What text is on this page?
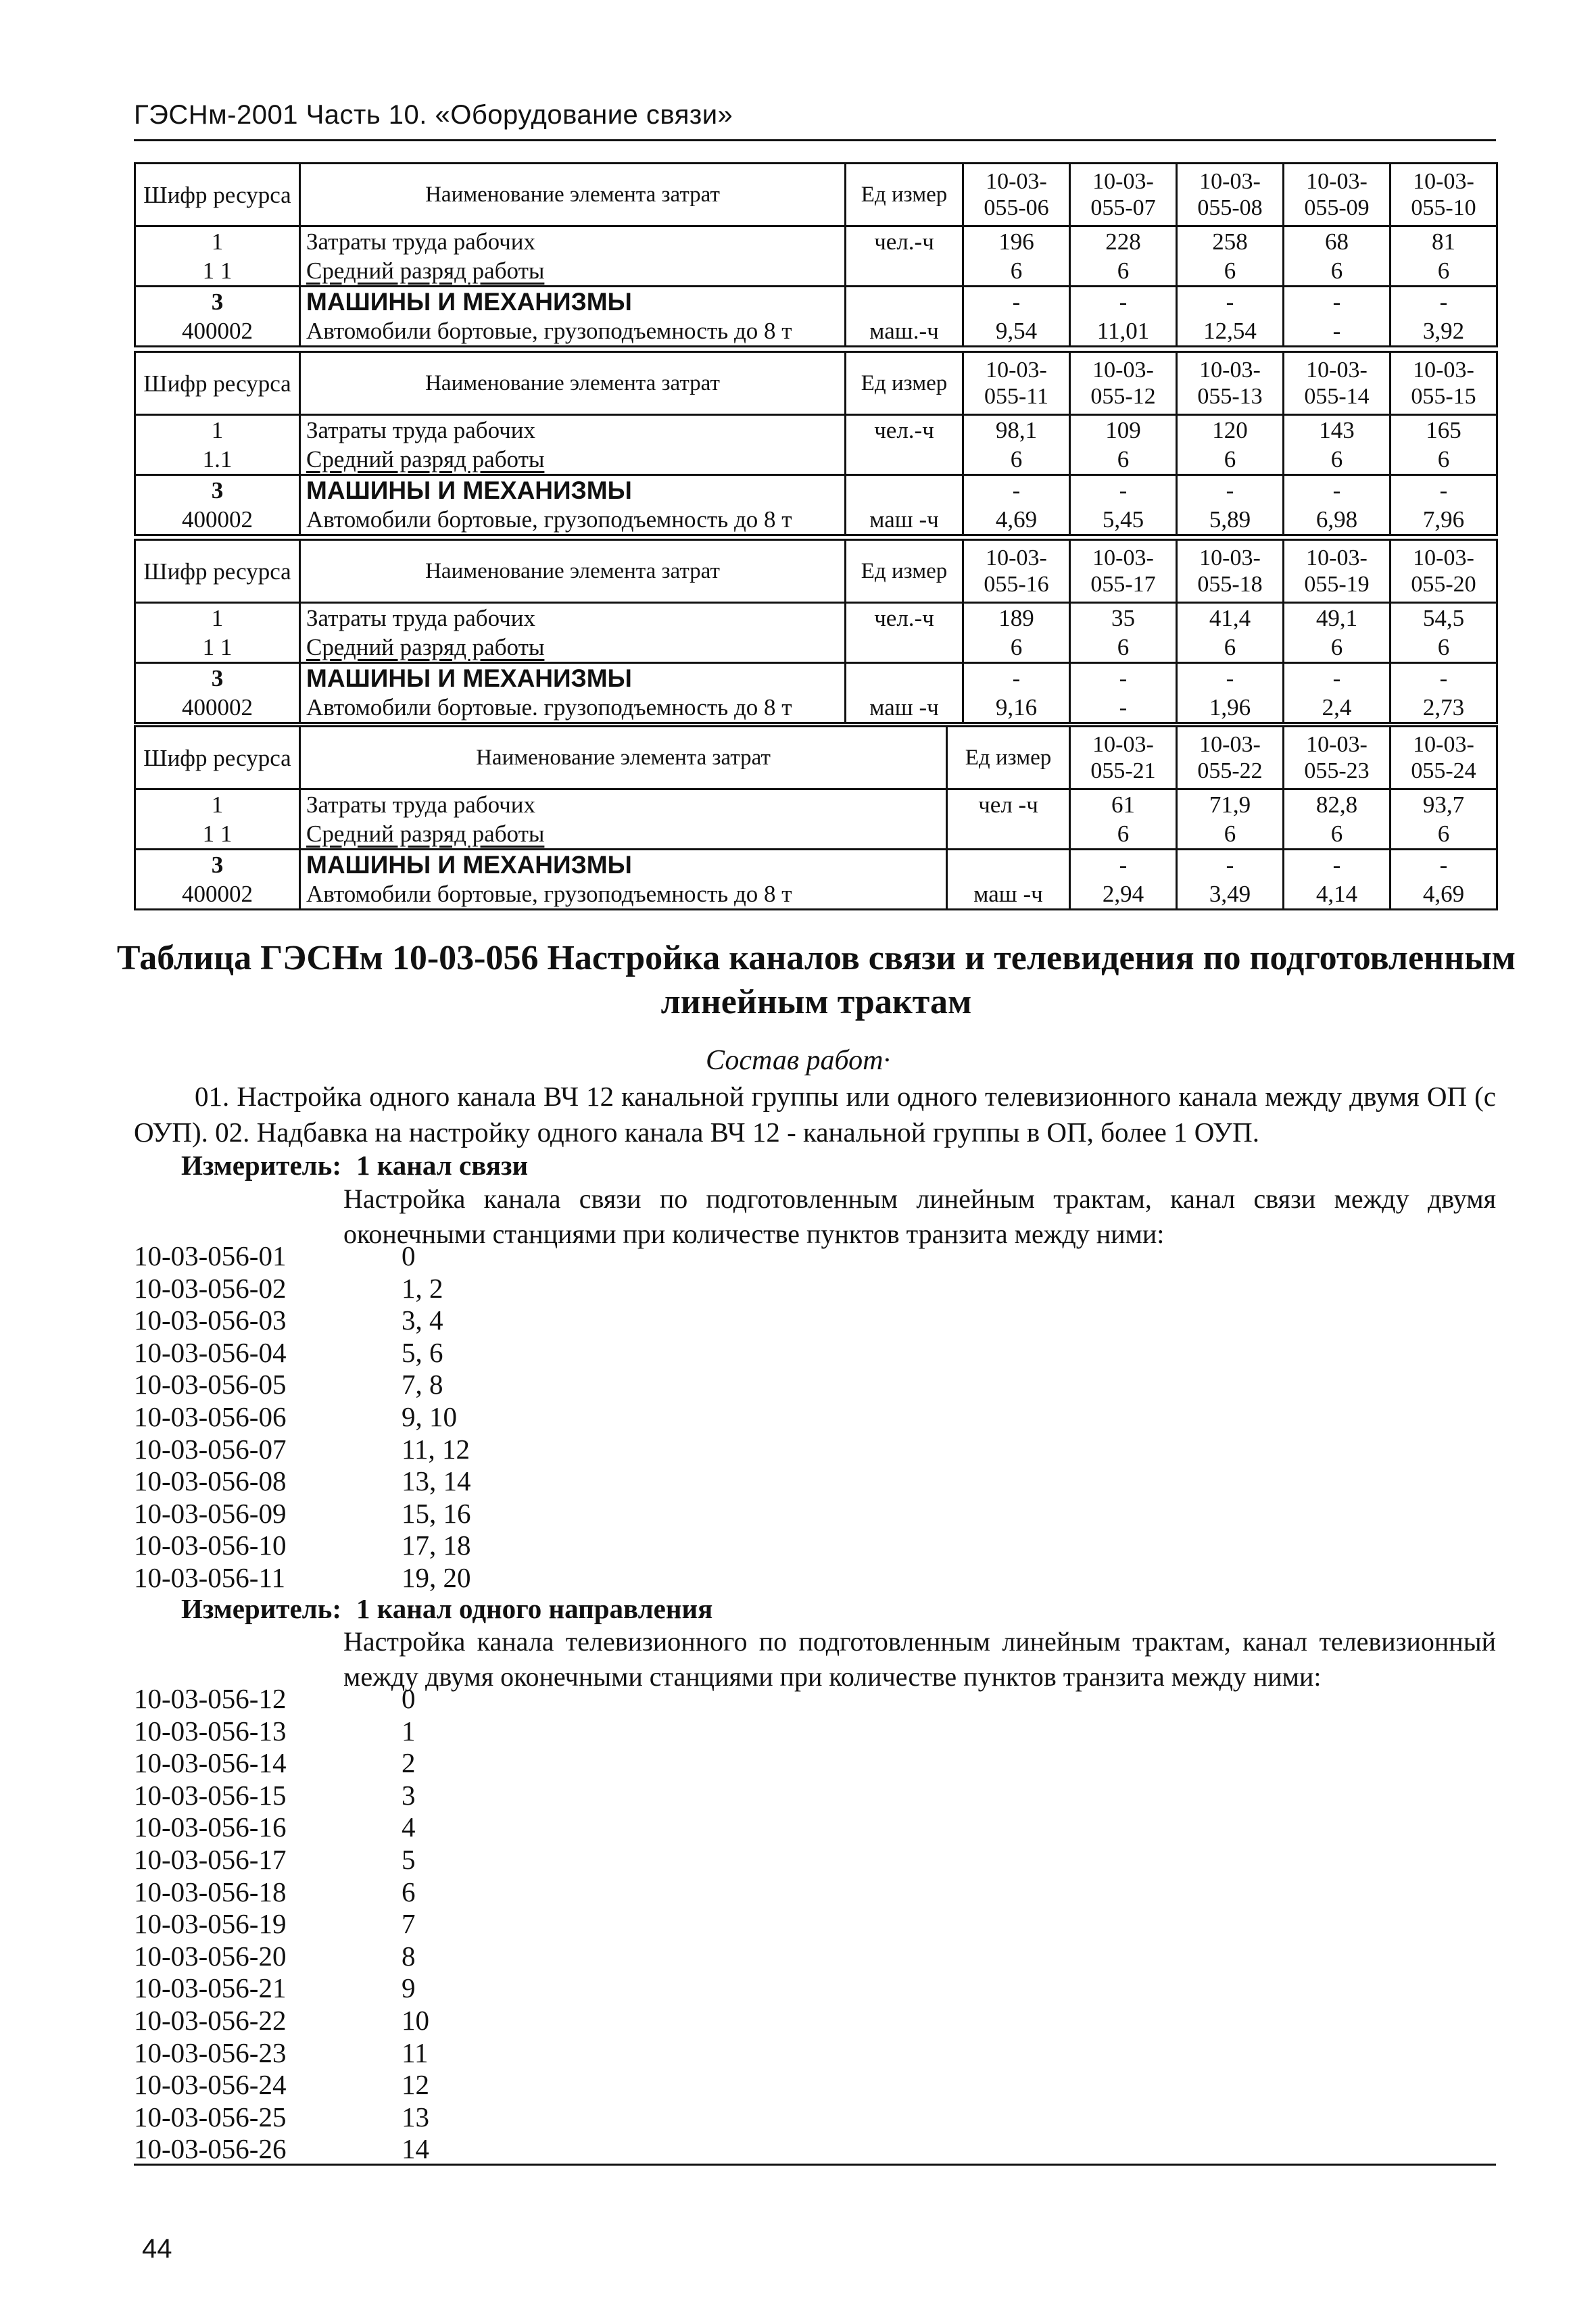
ГЭСНм-2001 Часть 10. «Оборудование связи»
Шифр ресурса	Наименование элемента затрат	Ед измер	10-03-055-06	10-03-055-07	10-03-055-08	10-03-055-09	10-03-055-10
1	Затраты труда рабочих	чел.-ч	196	228	258	68	81
1 1	Средний разряд работы		6	6	6	6	6
3	МАШИНЫ И МЕХАНИЗМЫ		-	-	-	-	-
400002	Автомобили бортовые, грузоподъемность до 8 т	маш.-ч	9,54	11,01	12,54	-	3,92
Шифр ресурса	Наименование элемента затрат	Ед измер	10-03-055-11	10-03-055-12	10-03-055-13	10-03-055-14	10-03-055-15
1	Затраты труда рабочих	чел.-ч	98,1	109	120	143	165
1.1	Средний разряд работы		6	6	6	6	6
3	МАШИНЫ И МЕХАНИЗМЫ		-	-	-	-	-
400002	Автомобили бортовые, грузоподъемность до 8 т	маш -ч	4,69	5,45	5,89	6,98	7,96
Шифр ресурса	Наименование элемента затрат	Ед измер	10-03-055-16	10-03-055-17	10-03-055-18	10-03-055-19	10-03-055-20
1	Затраты труда рабочих	чел.-ч	189	35	41,4	49,1	54,5
1 1	Средний разряд работы		6	6	6	6	6
3	МАШИНЫ И МЕХАНИЗМЫ		-	-	-	-	-
400002	Автомобили бортовые. грузоподъемность до 8 т	маш -ч	9,16	-	1,96	2,4	2,73
Шифр ресурса	Наименование элемента затрат	Ед измер	10-03-055-21	10-03-055-22	10-03-055-23	10-03-055-24
1	Затраты труда рабочих	чел -ч	61	71,9	82,8	93,7
1 1	Средний разряд работы		6	6	6	6
3	МАШИНЫ И МЕХАНИЗМЫ		-	-	-	-
400002	Автомобили бортовые, грузоподъемность до 8 т	маш -ч	2,94	3,49	4,14	4,69
Таблица ГЭСНм 10-03-056 Настройка каналов связи и телевидения по подготовленным линейным трактам
Состав работ·
01. Настройка одного канала ВЧ 12 канальной группы или одного телевизионного канала между двумя ОП (с ОУП). 02. Надбавка на настройку одного канала ВЧ 12 - канальной группы в ОП, более 1 ОУП.
Измеритель: 1 канал связи
Настройка канала связи по подготовленным линейным трактам, канал связи между двумя оконечными станциями при количестве пунктов транзита между ними:
10-03-056-01	0
10-03-056-02	1, 2
10-03-056-03	3, 4
10-03-056-04	5, 6
10-03-056-05	7, 8
10-03-056-06	9, 10
10-03-056-07	11, 12
10-03-056-08	13, 14
10-03-056-09	15, 16
10-03-056-10	17, 18
10-03-056-11	19, 20
Измеритель: 1 канал одного направления
Настройка канала телевизионного по подготовленным линейным трактам, канал телевизионный между двумя оконечными станциями при количестве пунктов транзита между ними:
10-03-056-12	0
10-03-056-13	1
10-03-056-14	2
10-03-056-15	3
10-03-056-16	4
10-03-056-17	5
10-03-056-18	6
10-03-056-19	7
10-03-056-20	8
10-03-056-21	9
10-03-056-22	10
10-03-056-23	11
10-03-056-24	12
10-03-056-25	13
10-03-056-26	14
44
